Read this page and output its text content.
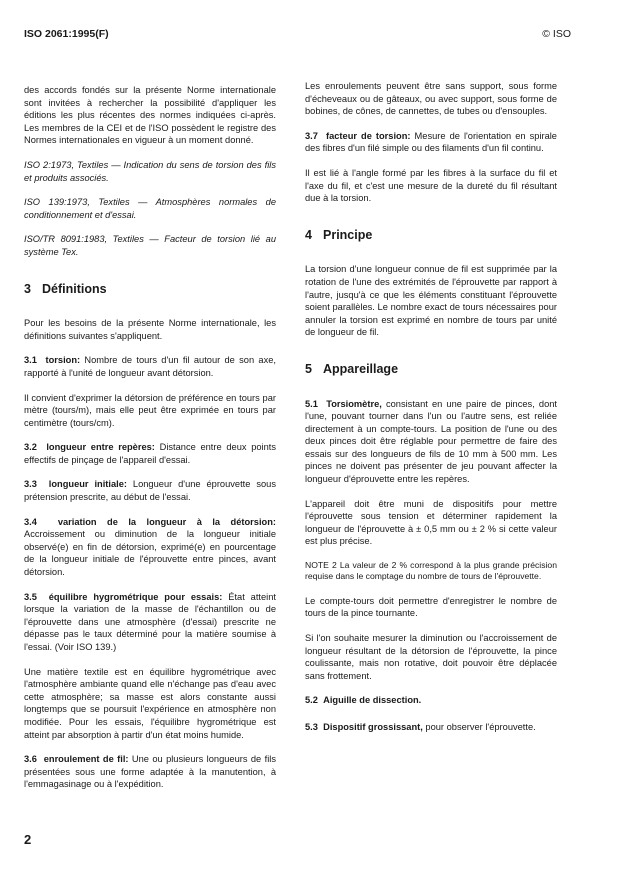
ISO 2061:1995(F)	© ISO

des accords fondés sur la présente Norme internationale sont invitées à rechercher la possibilité d'appliquer les éditions les plus récentes des normes indiquées ci-après. Les membres de la CEI et de l'ISO possèdent le registre des Normes internationales en vigueur à un moment donné.

ISO 2:1973, Textiles — Indication du sens de torsion des fils et produits associés.

ISO 139:1973, Textiles — Atmosphères normales de conditionnement et d'essai.

ISO/TR 8091:1983, Textiles — Facteur de torsion lié au système Tex.

3 Définitions

Pour les besoins de la présente Norme internationale, les définitions suivantes s'appliquent.

3.1 torsion: Nombre de tours d'un fil autour de son axe, rapporté à l'unité de longueur avant détorsion.

Il convient d'exprimer la détorsion de préférence en tours par mètre (tours/m), mais elle peut être exprimée en tours par centimètre (tours/cm).

3.2 longueur entre repères: Distance entre deux points effectifs de pinçage de l'appareil d'essai.

3.3 longueur initiale: Longueur d'une éprouvette sous prétension prescrite, au début de l'essai.

3.4 variation de la longueur à la détorsion: Accroissement ou diminution de la longueur initiale observé(e) en fin de détorsion, exprimé(e) en pourcentage de la longueur initiale de l'éprouvette entre pinces, avant détorsion.

3.5 équilibre hygrométrique pour essais: État atteint lorsque la variation de la masse de l'échantillon ou de l'éprouvette dans une atmosphère (d'essai) prescrite ne dépasse pas le taux déterminé pour la matière soumise à l'essai. (Voir ISO 139.)

Une matière textile est en équilibre hygrométrique avec l'atmosphère ambiante quand elle n'échange pas d'eau avec cette atmosphère; sa masse est alors constante aussi longtemps que se poursuit l'expérience en atmosphère non modifiée. Pour les essais, l'équilibre hygrométrique est atteint par absorption à partir d'un état moins humide.

3.6 enroulement de fil: Une ou plusieurs longueurs de fils présentées sous une forme adaptée à la manutention, à l'emmagasinage ou à l'expédition.

Les enroulements peuvent être sans support, sous forme d'écheveaux ou de gâteaux, ou avec support, sous forme de bobines, de cônes, de cannettes, de tubes ou d'ensouples.

3.7 facteur de torsion: Mesure de l'orientation en spirale des fibres d'un filé simple ou des filaments d'un fil continu.

Il est lié à l'angle formé par les fibres à la surface du fil et l'axe du fil, et c'est une mesure de la dureté du fil résultant due à la torsion.

4 Principe

La torsion d'une longueur connue de fil est supprimée par la rotation de l'une des extrémités de l'éprouvette par rapport à l'autre, jusqu'à ce que les éléments constituant l'éprouvette soient parallèles. Le nombre exact de tours nécessaires pour annuler la torsion est exprimé en nombre de tours par unité de longueur de fil.

5 Appareillage

5.1 Torsiomètre, consistant en une paire de pinces, dont l'une, pouvant tourner dans l'un ou l'autre sens, est reliée directement à un compte-tours. La position de l'une ou des deux pinces doit être réglable pour permettre de faire des essais sur des longueurs de fils de 10 mm à 500 mm. Les pinces ne doivent pas présenter de jeu pouvant affecter la longueur d'éprouvette entre les repères.

L'appareil doit être muni de dispositifs pour mettre l'éprouvette sous tension et déterminer rapidement la longueur de l'éprouvette à ± 0,5 mm ou ± 2 % si cette valeur est plus précise.

NOTE 2 La valeur de 2 % correspond à la plus grande précision requise dans le comptage du nombre de tours de l'éprouvette.

Le compte-tours doit permettre d'enregistrer le nombre de tours de la pince tournante.

Si l'on souhaite mesurer la diminution ou l'accroissement de longueur résultant de la détorsion de l'éprouvette, la pince coulissante, mais non rotative, doit pouvoir être déplacée sans frottement.

5.2 Aiguille de dissection.

5.3 Dispositif grossissant, pour observer l'éprouvette.

2
